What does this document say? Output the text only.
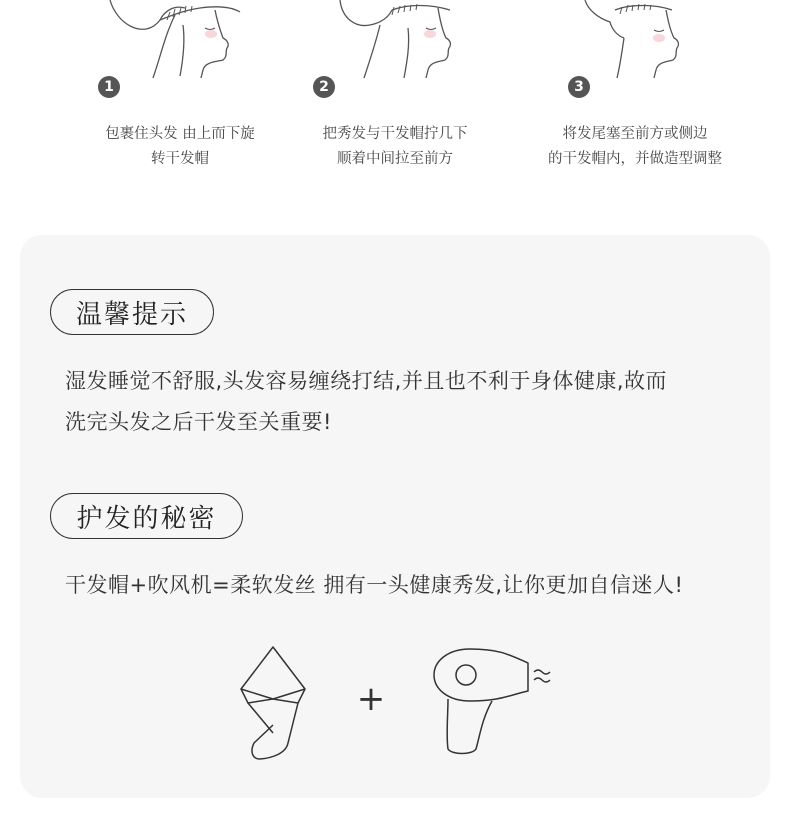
1
包裹住头发 由上而下旋
转干发帽
2
把秀发与干发帽拧几下
顺着中间拉至前方
3
将发尾塞至前方或侧边
的干发帽内，并做造型调整
温馨提示
湿发睡觉不舒服,头发容易缠绕打结,并且也不利于身体健康,故而
洗完头发之后干发至关重要!
护发的秘密
干发帽+吹风机=柔软发丝 拥有一头健康秀发,让你更加自信迷人!
+
